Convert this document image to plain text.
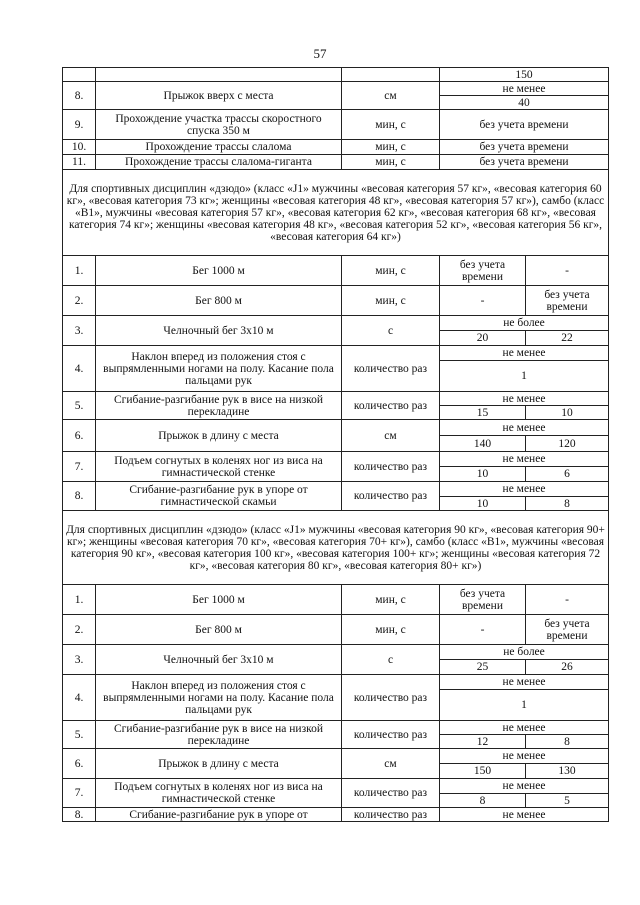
57
			150	
8.	Прыжок вверх с места	см	не менее	
			40	
9.	Прохождение участка трассы скоростного спуска 350 м	мин, с	без учета времени	
10.	Прохождение трассы слалома	мин, с	без учета времени	
11.	Прохождение трассы слалома-гиганта	мин, с	без учета времени	
Для спортивных дисциплин «дзюдо» (класс «J1» мужчины «весовая категория 57 кг», «весовая категория 60 кг», «весовая категория 73 кг»; женщины «весовая категория 48 кг», «весовая категория 57 кг»), самбо (класс «B1», мужчины «весовая категория 57 кг», «весовая категория 62 кг», «весовая категория 68 кг», «весовая категория 74 кг»; женщины «весовая категория 48 кг», «весовая категория 52 кг», «весовая категория 56 кг», «весовая категория 64 кг»)				
1.	Бег 1000 м	мин, с	без учета времени	-
2.	Бег 800 м	мин, с	-	без учета времени
3.	Челночный бег 3x10 м	с	не более	
			20	22
4.	Наклон вперед из положения стоя с выпрямленными ногами на полу. Касание пола пальцами рук	количество раз	не менее	
			1	
5.	Сгибание-разгибание рук в висе на низкой перекладине	количество раз	не менее	
			15	10
6.	Прыжок в длину с места	см	не менее	
			140	120
7.	Подъем согнутых в коленях ног из виса на гимнастической стенке	количество раз	не менее	
			10	6
8.	Сгибание-разгибание рук в упоре от гимнастической скамьи	количество раз	не менее	
			10	8
Для спортивных дисциплин «дзюдо» (класс «J1» мужчины «весовая категория 90 кг», «весовая категория 90+ кг»; женщины «весовая категория 70 кг», «весовая категория 70+ кг»), самбо (класс «B1», мужчины «весовая категория 90 кг», «весовая категория 100 кг», «весовая категория 100+ кг»; женщины «весовая категория 72 кг», «весовая категория 80 кг», «весовая категория 80+ кг»)				
1.	Бег 1000 м	мин, с	без учета времени	-
2.	Бег 800 м	мин, с	-	без учета времени
3.	Челночный бег 3x10 м	с	не более	
			25	26
4.	Наклон вперед из положения стоя с выпрямленными ногами на полу. Касание пола пальцами рук	количество раз	не менее	
			1	
5.	Сгибание-разгибание рук в висе на низкой перекладине	количество раз	не менее	
			12	8
6.	Прыжок в длину с места	см	не менее	
			150	130
7.	Подъем согнутых в коленях ног из виса на гимнастической стенке	количество раз	не менее	
			8	5
8.	Сгибание-разгибание рук в упоре от	количество раз	не менее	
